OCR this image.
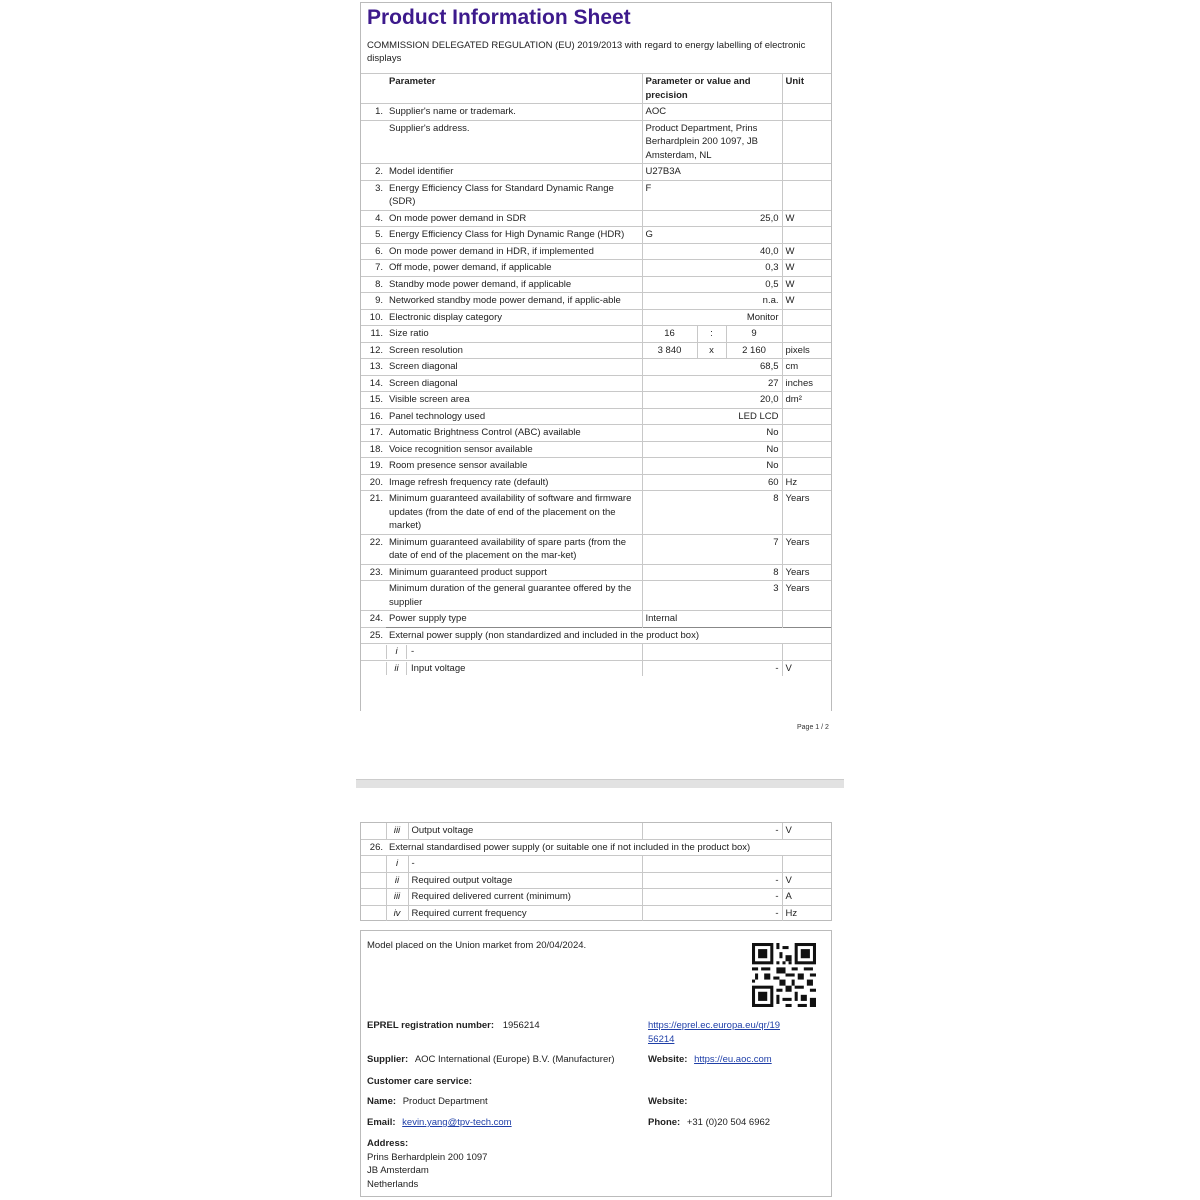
Product Information Sheet
COMMISSION DELEGATED REGULATION (EU) 2019/2013 with regard to energy labelling of electronic displays
	Parameter	Parameter or value and precision			Unit
1.	Supplier's name or trademark.	AOC			
	Supplier's address.	Product Department, Prins Berhardplein 200 1097, JB Amsterdam, NL			
2.	Model identifier	U27B3A			
3.	Energy Efficiency Class for Standard Dynamic Range (SDR)	F			
4.	On mode power demand in SDR	25,0			W
5.	Energy Efficiency Class for High Dynamic Range (HDR)	G			
6.	On mode power demand in HDR, if implemented	40,0			W
7.	Off mode, power demand, if applicable	0,3			W
8.	Standby mode power demand, if applicable	0,5			W
9.	Networked standby mode power demand, if applic-able	n.a.			W
10.	Electronic display category	Monitor			
11.	Size ratio	16	:	9	
12.	Screen resolution	3 840	x	2 160	pixels
13.	Screen diagonal	68,5			cm
14.	Screen diagonal	27			inches
15.	Visible screen area	20,0			dm²
16.	Panel technology used	LED LCD			
17.	Automatic Brightness Control (ABC) available	No			
18.	Voice recognition sensor available	No			
19.	Room presence sensor available	No			
20.	Image refresh frequency rate (default)	60			Hz
21.	Minimum guaranteed availability of software and firmware updates (from the date of end of the placement on the market)	8			Years
22.	Minimum guaranteed availability of spare parts (from the date of end of the placement on the mar-ket)	7			Years
23.	Minimum guaranteed product support	8			Years
	Minimum duration of the general guarantee offered by the supplier	3			Years
24.	Power supply type	Internal			
25.	External power supply (non standardized and included in the product box)				

	i -				

	ii Input voltage	-			V
Page 1 / 2
	iii	Output voltage	-	V
26.	External standardised power supply (or suitable one if not included in the product box)			
	i	-		
	ii	Required output voltage	-	V
	iii	Required delivered current (minimum)	-	A
	iv	Required current frequency	-	Hz
Model placed on the Union market from 20/04/2024.
EPREL registration number: 1956214	https://eprel.ec.europa.eu/qr/19
56214
Supplier: AOC International (Europe) B.V. (Manufacturer)	Website: https://eu.aoc.com
Customer care service:
Name: Product Department	Website:
Email: kevin.yang@tpv-tech.com	Phone: +31 (0)20 504 6962
Address:
Prins Berhardplein 200 1097
JB Amsterdam
Netherlands
